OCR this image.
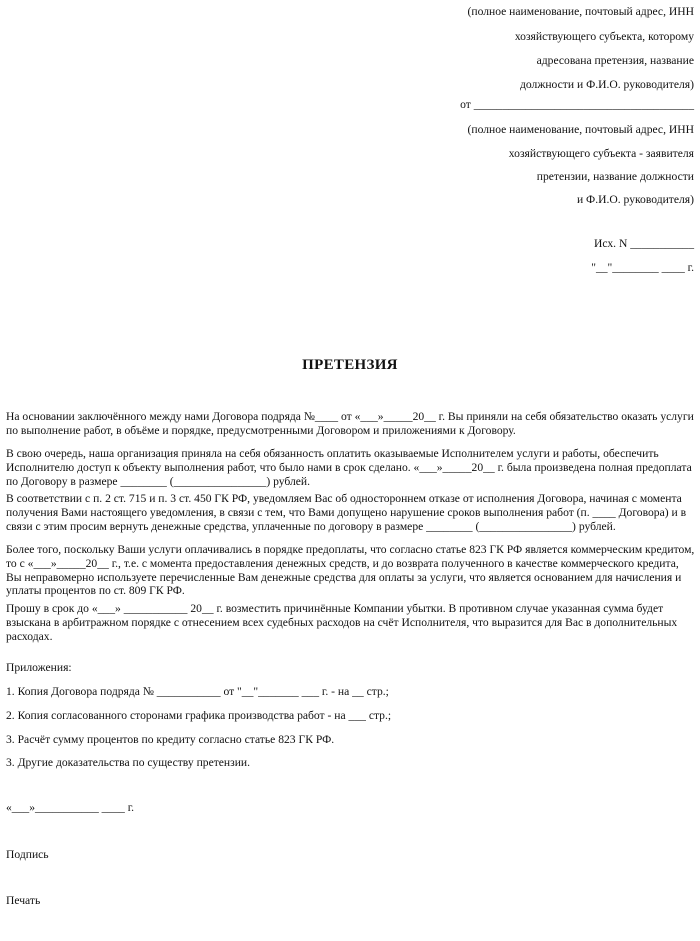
(полное наименование, почтовый адрес, ИНН
хозяйствующего субъекта, которому
адресована претензия, название
должности и Ф.И.О. руководителя)
от ______________________________________
(полное наименование, почтовый адрес, ИНН
хозяйствующего субъекта - заявителя
претензии, название должности
и Ф.И.О. руководителя)
Исх. N ___________
"__"________ ____ г.
ПРЕТЕНЗИЯ
На основании заключённого между нами Договора подряда №____ от «___»_____20__ г. Вы приняли на себя обязательство оказать услуги по выполнение работ, в объёме и порядке, предусмотренными Договором и приложениями к Договору.
В свою очередь, наша организация приняла на себя обязанность оплатить оказываемые Исполнителем услуги и работы, обеспечить Исполнителю доступ к объекту выполнения работ, что было нами в срок сделано. «___»_____20__ г. была произведена полная предоплата по Договору в размере ________ (________________) рублей.
В соответствии с п. 2 ст. 715 и п. 3 ст. 450 ГК РФ, уведомляем Вас об одностороннем отказе от исполнения Договора, начиная с момента получения Вами настоящего уведомления, в связи с тем, что Вами допущено нарушение сроков выполнения работ (п. ____ Договора) и в связи с этим просим вернуть денежные средства, уплаченные по договору в размере ________ (________________) рублей.
Более того, поскольку Ваши услуги оплачивались в порядке предоплаты, что согласно статье 823 ГК РФ является коммерческим кредитом, то с «___»_____20__ г., т.е. с момента предоставления денежных средств, и до возврата полученного в качестве коммерческого кредита, Вы неправомерно используете перечисленные Вам денежные средства для оплаты за услуги, что является основанием для начисления и уплаты процентов по ст. 809 ГК РФ.
Прошу в срок до «___» ___________ 20__ г. возместить причинённые Компании убытки. В противном случае указанная сумма будет взыскана в арбитражном порядке с отнесением всех судебных расходов на счёт Исполнителя, что выразится для Вас в дополнительных расходах.
Приложения:
1. Копия Договора подряда № ___________ от "__"_______ ___ г. - на __ стр.;
2. Копия согласованного сторонами графика производства работ - на ___ стр.;
3. Расчёт сумму процентов по кредиту согласно статье 823 ГК РФ.
3. Другие доказательства по существу претензии.
«___»___________ ____ г.
Подпись
Печать
